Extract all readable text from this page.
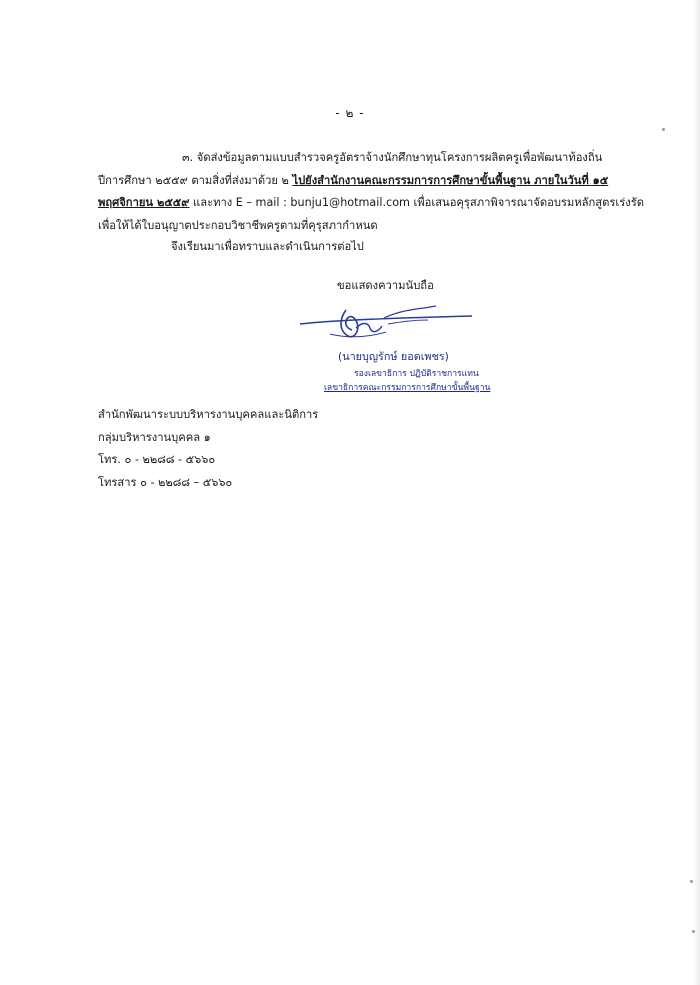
- ๒ -
๓. จัดส่งข้อมูลตามแบบสำรวจครูอัตราจ้างนักศึกษาทุนโครงการผลิตครูเพื่อพัฒนาท้องถิ่น
ปีการศึกษา ๒๕๕๙ ตามสิ่งที่ส่งมาด้วย ๒ ไปยังสำนักงานคณะกรรมการการศึกษาขั้นพื้นฐาน ภายในวันที่ ๑๕
พฤศจิกายน ๒๕๕๙ และทาง E – mail : bunju1@hotmail.com เพื่อเสนอคุรุสภาพิจารณาจัดอบรมหลักสูตรเร่งรัด
เพื่อให้ได้ใบอนุญาตประกอบวิชาชีพครูตามที่คุรุสภากำหนด
จึงเรียนมาเพื่อทราบและดำเนินการต่อไป
ขอแสดงความนับถือ
(นายบุญรักษ์ ยอดเพชร)
รองเลขาธิการ ปฏิบัติราชการแทน
เลขาธิการคณะกรรมการการศึกษาขั้นพื้นฐาน
สำนักพัฒนาระบบบริหารงานบุคคลและนิติการ
กลุ่มบริหารงานบุคคล ๑
โทร. ๐ - ๒๒๘๘ - ๕๖๖๐
โทรสาร ๐ - ๒๒๘๘ – ๕๖๖๐
